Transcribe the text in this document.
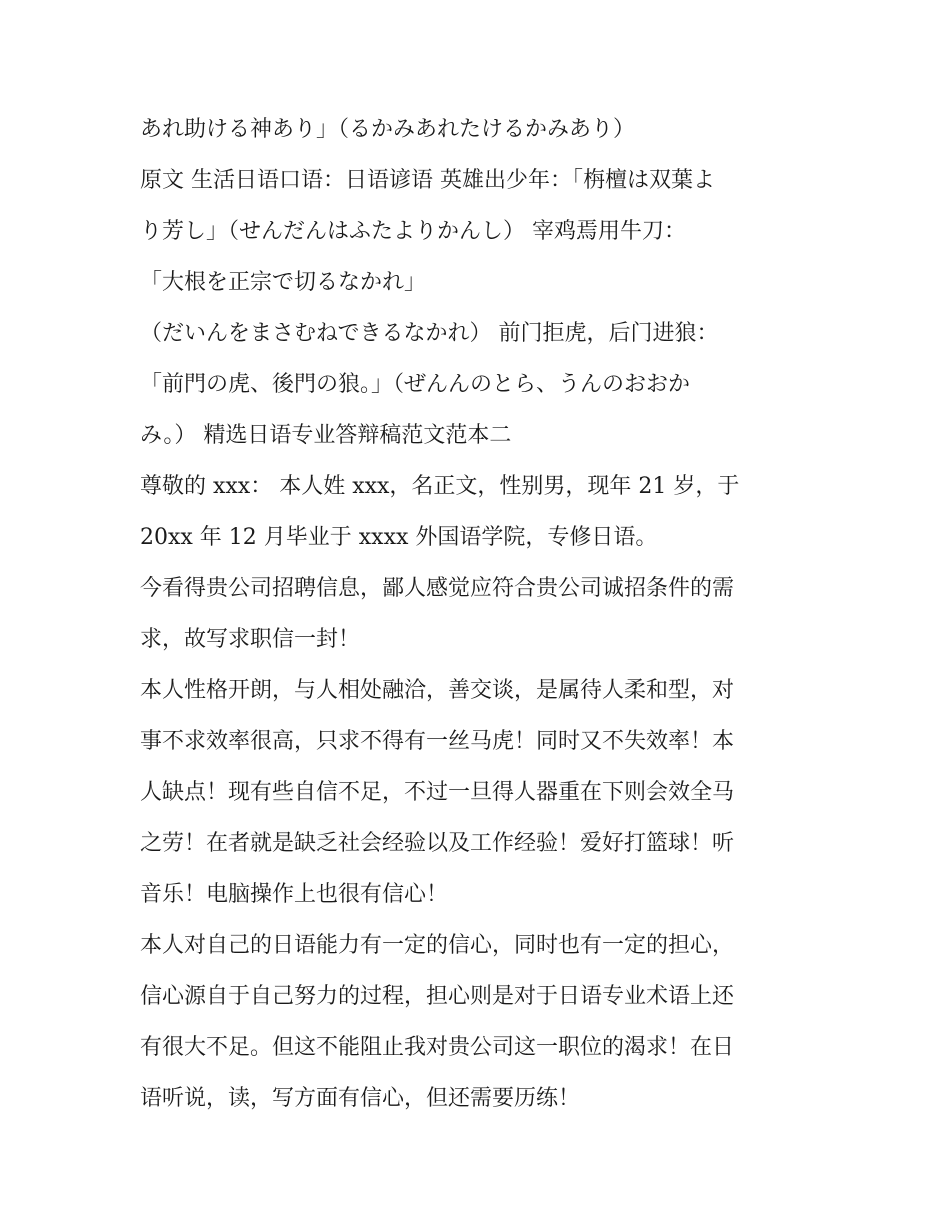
あれ助ける神あり」（るかみあれたけるかみあり）
原文 生活日语口语：日语谚语 英雄出少年：「栴檀は双葉よ
り芳し」（せんだんはふたよりかんし） 宰鸡焉用牛刀：
「大根を正宗で切るなかれ」
（だいんをまさむねできるなかれ） 前门拒虎，后门进狼：
「前門の虎、後門の狼。」（ぜんんのとら、うんのおおか
み。） 精选日语专业答辩稿范文范本二
尊敬的 xxx： 本人姓 xxx，名正文，性别男，现年 21 岁，于
20xx 年 12 月毕业于 xxxx 外国语学院，专修日语。
今看得贵公司招聘信息，鄙人感觉应符合贵公司诚招条件的需
求，故写求职信一封！
本人性格开朗，与人相处融洽，善交谈，是属待人柔和型，对
事不求效率很高，只求不得有一丝马虎！同时又不失效率！本
人缺点！现有些自信不足，不过一旦得人器重在下则会效全马
之劳！在者就是缺乏社会经验以及工作经验！爱好打篮球！听
音乐！电脑操作上也很有信心！
本人对自己的日语能力有一定的信心，同时也有一定的担心，
信心源自于自己努力的过程，担心则是对于日语专业术语上还
有很大不足。但这不能阻止我对贵公司这一职位的渴求！在日
语听说，读，写方面有信心，但还需要历练！
